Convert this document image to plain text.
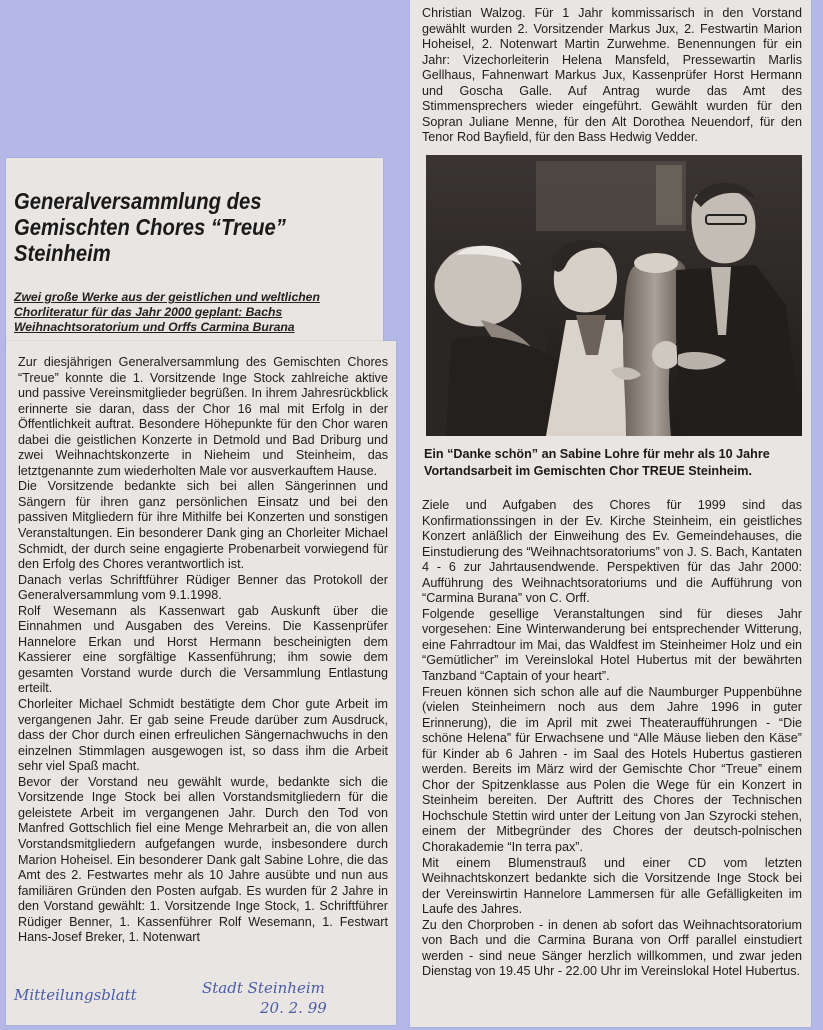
Generalversammlung des
Gemischten Chores “Treue”
Steinheim

Zwei große Werke aus der geistlichen und weltlichen Chorliteratur für das Jahr 2000 geplant: Bachs Weihnachtsoratorium und Orffs Carmina Burana

Zur diesjährigen Generalversammlung des Gemischten Chores “Treue” konnte die 1. Vorsitzende Inge Stock zahlreiche aktive und passive Vereinsmitglieder begrüßen. In ihrem Jahresrückblick erinnerte sie daran, dass der Chor 16 mal mit Erfolg in der Öffentlichkeit auftrat. Besondere Höhepunkte für den Chor waren dabei die geistlichen Konzerte in Detmold und Bad Driburg und zwei Weihnachtskonzerte in Nieheim und Steinheim, das letztgenannte zum wiederholten Male vor ausverkauftem Hause.

Die Vorsitzende bedankte sich bei allen Sängerinnen und Sängern für ihren ganz persönlichen Einsatz und bei den passiven Mitgliedern für ihre Mithilfe bei Konzerten und sonstigen Veranstaltungen. Ein besonderer Dank ging an Chorleiter Michael Schmidt, der durch seine engagierte Probenarbeit vorwiegend für den Erfolg des Chores verantwortlich ist.

Danach verlas Schriftführer Rüdiger Benner das Protokoll der Generalversammlung vom 9.1.1998.

Rolf Wesemann als Kassenwart gab Auskunft über die Einnahmen und Ausgaben des Vereins. Die Kassenprüfer Hannelore Erkan und Horst Hermann bescheinigten dem Kassierer eine sorgfältige Kassenführung; ihm sowie dem gesamten Vorstand wurde durch die Versammlung Entlastung erteilt.

Chorleiter Michael Schmidt bestätigte dem Chor gute Arbeit im vergangenen Jahr. Er gab seine Freude darüber zum Ausdruck, dass der Chor durch einen erfreulichen Sängernachwuchs in den einzelnen Stimmlagen ausgewogen ist, so dass ihm die Arbeit sehr viel Spaß macht.

Bevor der Vorstand neu gewählt wurde, bedankte sich die Vorsitzende Inge Stock bei allen Vorstandsmitgliedern für die geleistete Arbeit im vergangenen Jahr. Durch den Tod von Manfred Gottschlich fiel eine Menge Mehrarbeit an, die von allen Vorstandsmitgliedern aufgefangen wurde, insbesondere durch Marion Hoheisel. Ein besonderer Dank galt Sabine Lohre, die das Amt des 2. Festwartes mehr als 10 Jahre ausübte und nun aus familiären Gründen den Posten aufgab. Es wurden für 2 Jahre in den Vorstand gewählt: 1. Vorsitzende Inge Stock, 1. Schriftführer Rüdiger Benner, 1. Kassenführer Rolf Wesemann, 1. Festwart Hans-Josef Breker, 1. Notenwart

Mitteilungsblatt	Stadt Steinheim
20. 2. 99

Christian Walzog. Für 1 Jahr kommissarisch in den Vorstand gewählt wurden 2. Vorsitzender Markus Jux, 2. Festwartin Marion Hoheisel, 2. Notenwart Martin Zurwehme. Benennungen für ein Jahr: Vizechorleiterin Helena Mansfeld, Pressewartin Marlis Gellhaus, Fahnenwart Markus Jux, Kassenprüfer Horst Hermann und Goscha Galle. Auf Antrag wurde das Amt des Stimmensprechers wieder eingeführt. Gewählt wurden für den Sopran Juliane Menne, für den Alt Dorothea Neuendorf, für den Tenor Rod Bayfield, für den Bass Hedwig Vedder.

Ein “Danke schön” an Sabine Lohre für mehr als 10 Jahre Vortandsarbeit im Gemischten Chor TREUE Steinheim.

Ziele und Aufgaben des Chores für 1999 sind das Konfirmationssingen in der Ev. Kirche Steinheim, ein geistliches Konzert anläßlich der Einweihung des Ev. Gemeindehauses, die Einstudierung des “Weihnachtsoratoriums” von J. S. Bach, Kantaten 4 - 6 zur Jahrtausendwende. Perspektiven für das Jahr 2000: Aufführung des Weihnachtsoratoriums und die Aufführung von “Carmina Burana” von C. Orff.

Folgende gesellige Veranstaltungen sind für dieses Jahr vorgesehen: Eine Winterwanderung bei entsprechender Witterung, eine Fahrradtour im Mai, das Waldfest im Steinheimer Holz und ein “Gemütlicher” im Vereinslokal Hotel Hubertus mit der bewährten Tanzband “Captain of your heart”.

Freuen können sich schon alle auf die Naumburger Puppenbühne (vielen Steinheimern noch aus dem Jahre 1996 in guter Erinnerung), die im April mit zwei Theateraufführungen - “Die schöne Helena” für Erwachsene und “Alle Mäuse lieben den Käse” für Kinder ab 6 Jahren - im Saal des Hotels Hubertus gastieren werden. Bereits im März wird der Gemischte Chor “Treue” einem Chor der Spitzenklasse aus Polen die Wege für ein Konzert in Steinheim bereiten. Der Auftritt des Chores der Technischen Hochschule Stettin wird unter der Leitung von Jan Szyrocki stehen, einem der Mitbegründer des Chores der deutsch-polnischen Chorakademie “In terra pax”.

Mit einem Blumenstrauß und einer CD vom letzten Weihnachtskonzert bedankte sich die Vorsitzende Inge Stock bei der Vereinswirtin Hannelore Lammersen für alle Gefälligkeiten im Laufe des Jahres.

Zu den Chorproben - in denen ab sofort das Weihnachtsoratorium von Bach und die Carmina Burana von Orff parallel einstudiert werden - sind neue Sänger herzlich willkommen, und zwar jeden Dienstag von 19.45 Uhr - 22.00 Uhr im Vereinslokal Hotel Hubertus.
